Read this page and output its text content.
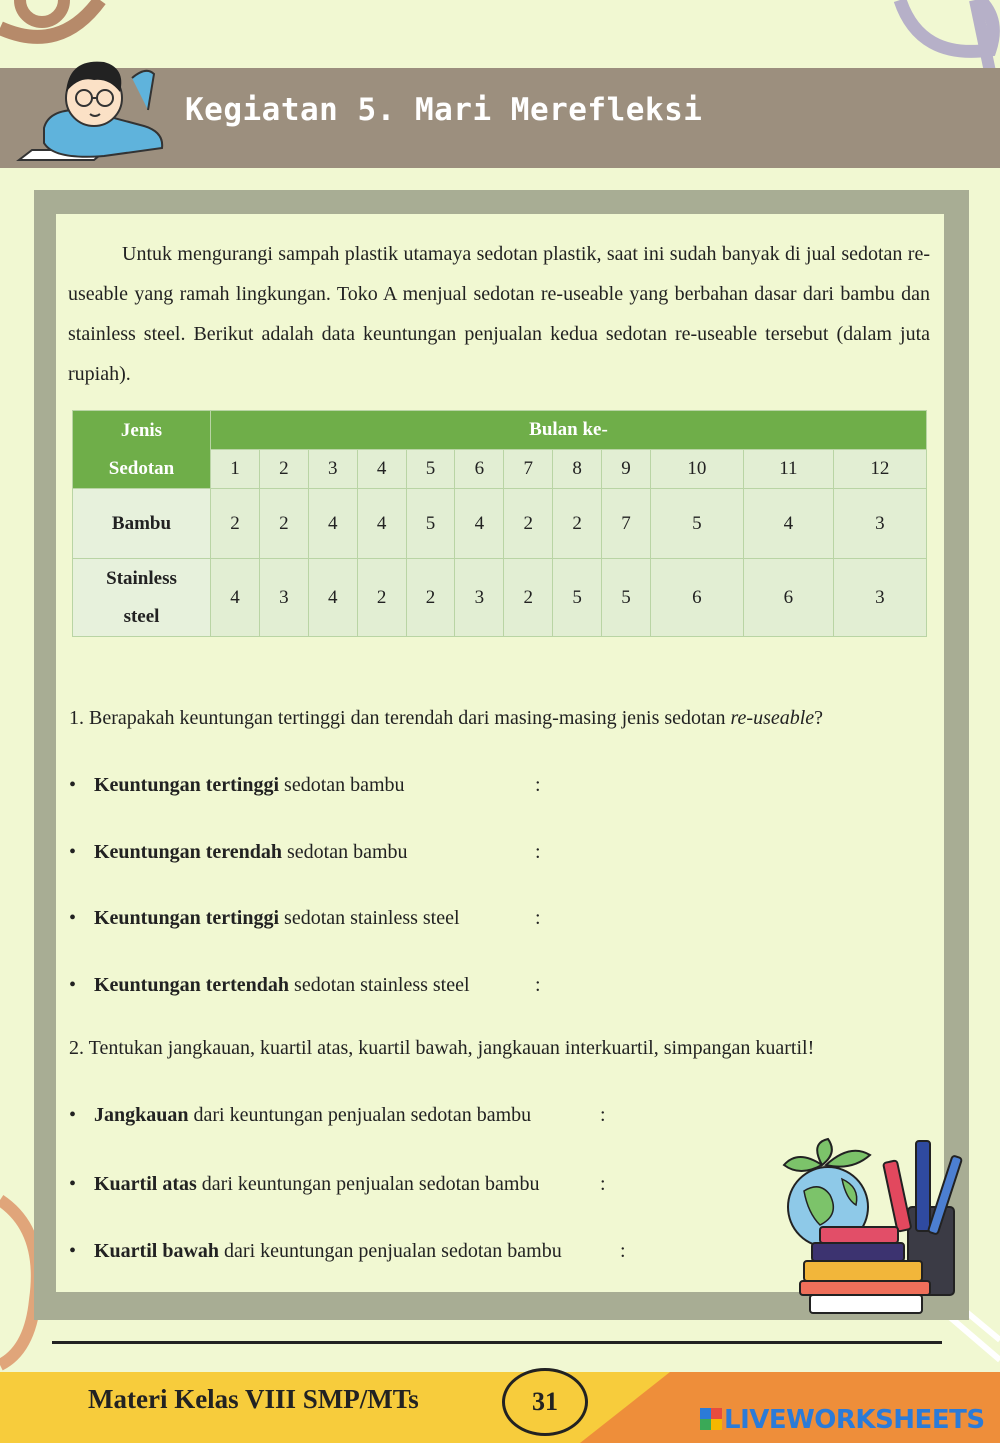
Kegiatan 5. Mari Merefleksi

Untuk mengurangi sampah plastik utamaya sedotan plastik, saat ini sudah banyak di jual sedotan re-useable yang ramah lingkungan. Toko A menjual sedotan re-useable yang berbahan dasar dari bambu dan stainless steel. Berikut adalah data keuntungan penjualan kedua sedotan re-useable tersebut (dalam juta rupiah).

Jenis
Sedotan	Bulan ke-											
	1	2	3	4	5	6	7	8	9	10	11	12
Bambu	2	2	4	4	5	4	2	2	7	5	4	3
Stainless
steel	4	3	4	2	2	3	2	5	5	6	6	3

1. Berapakah keuntungan tertinggi dan terendah dari masing-masing jenis sedotan re-useable?

• Keuntungan tertinggi sedotan bambu	:
• Keuntungan terendah sedotan bambu	:
• Keuntungan tertinggi sedotan stainless steel	:
• Keuntungan tertendah sedotan stainless steel	:

2. Tentukan jangkauan, kuartil atas, kuartil bawah, jangkauan interkuartil, simpangan kuartil!

• Jangkauan dari keuntungan penjualan sedotan bambu	:
• Kuartil atas dari keuntungan penjualan sedotan bambu	:
• Kuartil bawah dari keuntungan penjualan sedotan bambu	:
Materi Kelas VIII SMP/MTs	31
LIVEWORKSHEETS
